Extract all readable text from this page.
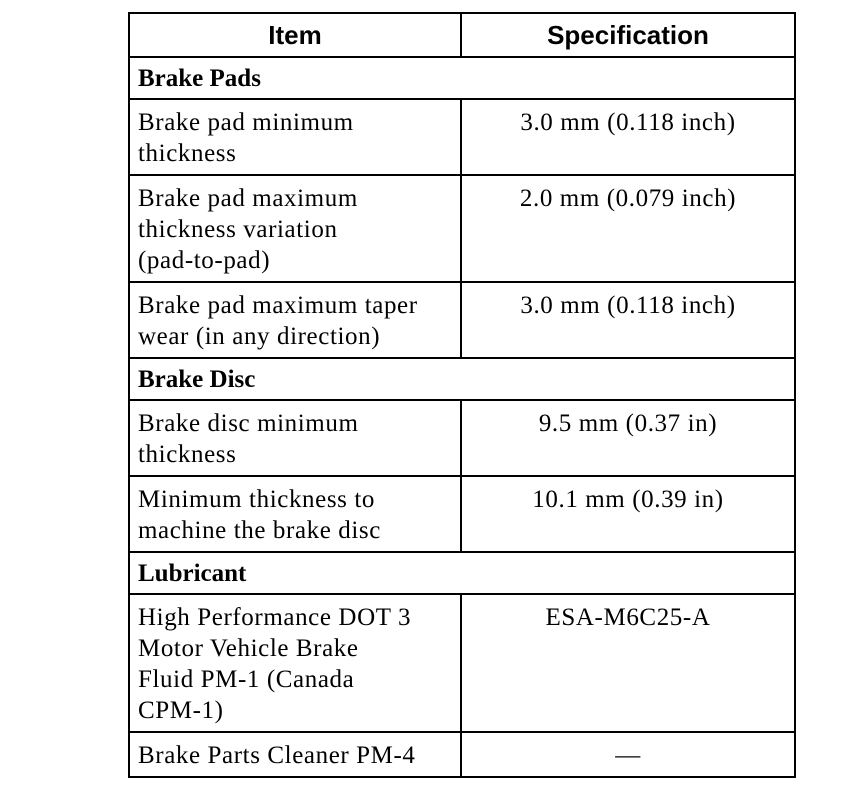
Item	Specification
Brake Pads	
Brake pad minimum
thickness	3.0 mm (0.118 inch)
Brake pad maximum
thickness variation
(pad-to-pad)	2.0 mm (0.079 inch)
Brake pad maximum taper
wear (in any direction)	3.0 mm (0.118 inch)
Brake Disc	
Brake disc minimum
thickness	9.5 mm (0.37 in)
Minimum thickness to
machine the brake disc	10.1 mm (0.39 in)
Lubricant	
High Performance DOT 3
Motor Vehicle Brake
Fluid PM-1 (Canada
CPM-1)	ESA-M6C25-A
Brake Parts Cleaner PM-4	—
